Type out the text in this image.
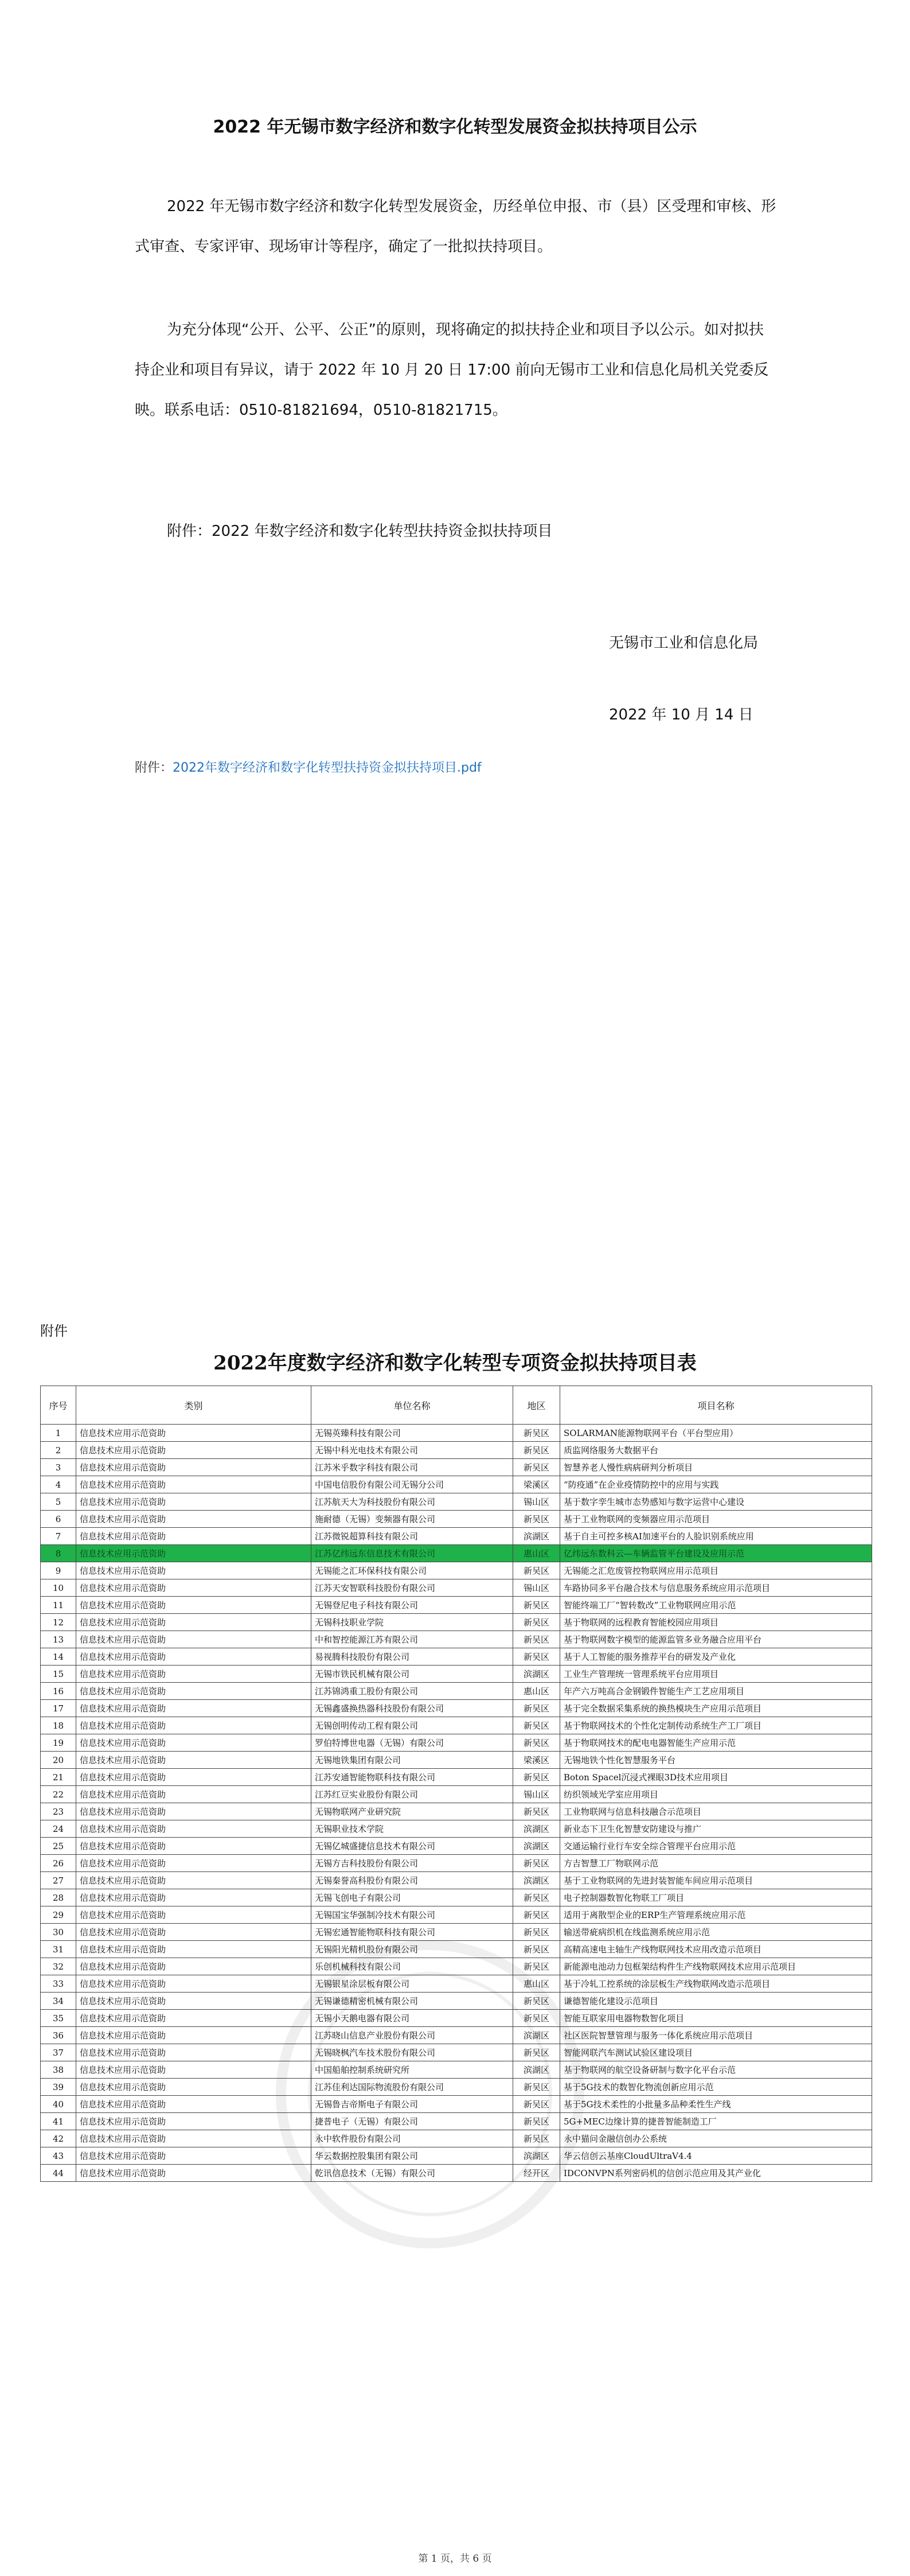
2022 年无锡市数字经济和数字化转型发展资金拟扶持项目公示
2022 年无锡市数字经济和数字化转型发展资金，历经单位申报、市（县）区受理和审核、形式审查、专家评审、现场审计等程序，确定了一批拟扶持项目。
为充分体现“公开、公平、公正”的原则，现将确定的拟扶持企业和项目予以公示。如对拟扶持企业和项目有异议，请于 2022 年 10 月 20 日 17:00 前向无锡市工业和信息化局机关党委反映。联系电话：0510-81821694，0510-81821715。
附件：2022 年数字经济和数字化转型扶持资金拟扶持项目
无锡市工业和信息化局
2022 年 10 月 14 日
附件：2022年数字经济和数字化转型扶持资金拟扶持项目.pdf
附件
2022年度数字经济和数字化转型专项资金拟扶持项目表
序号	类别	单位名称	地区	项目名称
1	信息技术应用示范资助	无锡英臻科技有限公司	新吴区	SOLARMAN能源物联网平台（平台型应用）
2	信息技术应用示范资助	无锡中科光电技术有限公司	新吴区	质监网络服务大数据平台
3	信息技术应用示范资助	江苏米乎数字科技有限公司	新吴区	智慧养老人慢性病病研判分析项目
4	信息技术应用示范资助	中国电信股份有限公司无锡分公司	梁溪区	“防疫通”在企业疫情防控中的应用与实践
5	信息技术应用示范资助	江苏航天大为科技股份有限公司	锡山区	基于数字孪生城市态势感知与数字运营中心建设
6	信息技术应用示范资助	施耐德（无锡）变频器有限公司	新吴区	基于工业物联网的变频器应用示范项目
7	信息技术应用示范资助	江苏微锐超算科技有限公司	滨湖区	基于自主可控多核AI加速平台的人脸识别系统应用
8	信息技术应用示范资助	江苏亿纬远东信息技术有限公司	惠山区	亿纬远东数科云—车辆监管平台建设及应用示范
9	信息技术应用示范资助	无锡能之汇环保科技有限公司	新吴区	无锡能之汇危废管控物联网应用示范项目
10	信息技术应用示范资助	江苏天安智联科技股份有限公司	锡山区	车路协同多平台融合技术与信息服务系统应用示范项目
11	信息技术应用示范资助	无锡登尼电子科技有限公司	新吴区	智能终端工厂“智转数改”工业物联网应用示范
12	信息技术应用示范资助	无锡科技职业学院	新吴区	基于物联网的远程教育智能校园应用项目
13	信息技术应用示范资助	中和智控能源江苏有限公司	新吴区	基于物联网数字模型的能源监管多业务融合应用平台
14	信息技术应用示范资助	易视腾科技股份有限公司	新吴区	基于人工智能的服务推荐平台的研发及产业化
15	信息技术应用示范资助	无锡市铁民机械有限公司	滨湖区	工业生产管理统一管理系统平台应用项目
16	信息技术应用示范资助	江苏锦鸿重工股份有限公司	惠山区	年产六万吨高合金钢锻件智能生产工艺应用项目
17	信息技术应用示范资助	无锡鑫盛换热器科技股份有限公司	新吴区	基于完全数据采集系统的换热模块生产应用示范项目
18	信息技术应用示范资助	无锡创明传动工程有限公司	新吴区	基于物联网技术的个性化定制传动系统生产工厂项目
19	信息技术应用示范资助	罗伯特博世电器（无锡）有限公司	新吴区	基于物联网技术的配电电器智能生产应用示范
20	信息技术应用示范资助	无锡地铁集团有限公司	梁溪区	无锡地铁个性化智慧服务平台
21	信息技术应用示范资助	江苏安通智能物联科技有限公司	新吴区	Boton Spacel沉浸式裸眼3D技术应用项目
22	信息技术应用示范资助	江苏红豆实业股份有限公司	锡山区	纺织领域光学室应用项目
23	信息技术应用示范资助	无锡物联网产业研究院	新吴区	工业物联网与信息科技融合示范项目
24	信息技术应用示范资助	无锡职业技术学院	滨湖区	新业态下卫生化智慧安防建设与推广
25	信息技术应用示范资助	无锡亿城盛捷信息技术有限公司	滨湖区	交通运输行业行车安全综合管理平台应用示范
26	信息技术应用示范资助	无锡方吉科技股份有限公司	新吴区	方吉智慧工厂物联网示范
27	信息技术应用示范资助	无锡秦誉高科股份有限公司	滨湖区	基于工业物联网的先进封装智能车间应用示范项目
28	信息技术应用示范资助	无锡飞创电子有限公司	新吴区	电子控制器数智化物联工厂项目
29	信息技术应用示范资助	无锡国宝华强制冷技术有限公司	新吴区	适用于离散型企业的ERP生产管理系统应用示范
30	信息技术应用示范资助	无锡宏通智能物联科技有限公司	新吴区	输送带疵病织机在线监测系统应用示范
31	信息技术应用示范资助	无锡阳光精机股份有限公司	新吴区	高精高速电主轴生产线物联网技术应用改造示范项目
32	信息技术应用示范资助	乐创机械科技有限公司	新吴区	新能源电池动力包框架结构件生产线物联网技术应用示范项目
33	信息技术应用示范资助	无锡银星涂层板有限公司	惠山区	基于冷轧工控系统的涂层板生产线物联网改造示范项目
34	信息技术应用示范资助	无锡谦德精密机械有限公司	新吴区	谦德智能化建设示范项目
35	信息技术应用示范资助	无锡小天鹅电器有限公司	新吴区	智能互联家用电器物数智化项目
36	信息技术应用示范资助	江苏晓山信息产业股份有限公司	滨湖区	社区医院智慧管理与服务一体化系统应用示范项目
37	信息技术应用示范资助	无锡晓枫汽车技术股份有限公司	新吴区	智能网联汽车测试试验区建设项目
38	信息技术应用示范资助	中国船舶控制系统研究所	滨湖区	基于物联网的航空设备研制与数字化平台示范
39	信息技术应用示范资助	江苏佳利达国际物流股份有限公司	新吴区	基于5G技术的数智化物流创新应用示范
40	信息技术应用示范资助	无锡鲁吉帝斯电子有限公司	新吴区	基于5G技术柔性的小批量多品种柔性生产线
41	信息技术应用示范资助	捷普电子（无锡）有限公司	新吴区	5G+MEC边缘计算的捷普智能制造工厂
42	信息技术应用示范资助	永中软件股份有限公司	新吴区	永中猫问金融信创办公系统
43	信息技术应用示范资助	华云数据控股集团有限公司	滨湖区	华云信创云基座CloudUltraV4.4
44	信息技术应用示范资助	乾讯信息技术（无锡）有限公司	经开区	IDCONVPN系列密码机的信创示范应用及其产业化
第 1 页，共 6 页
